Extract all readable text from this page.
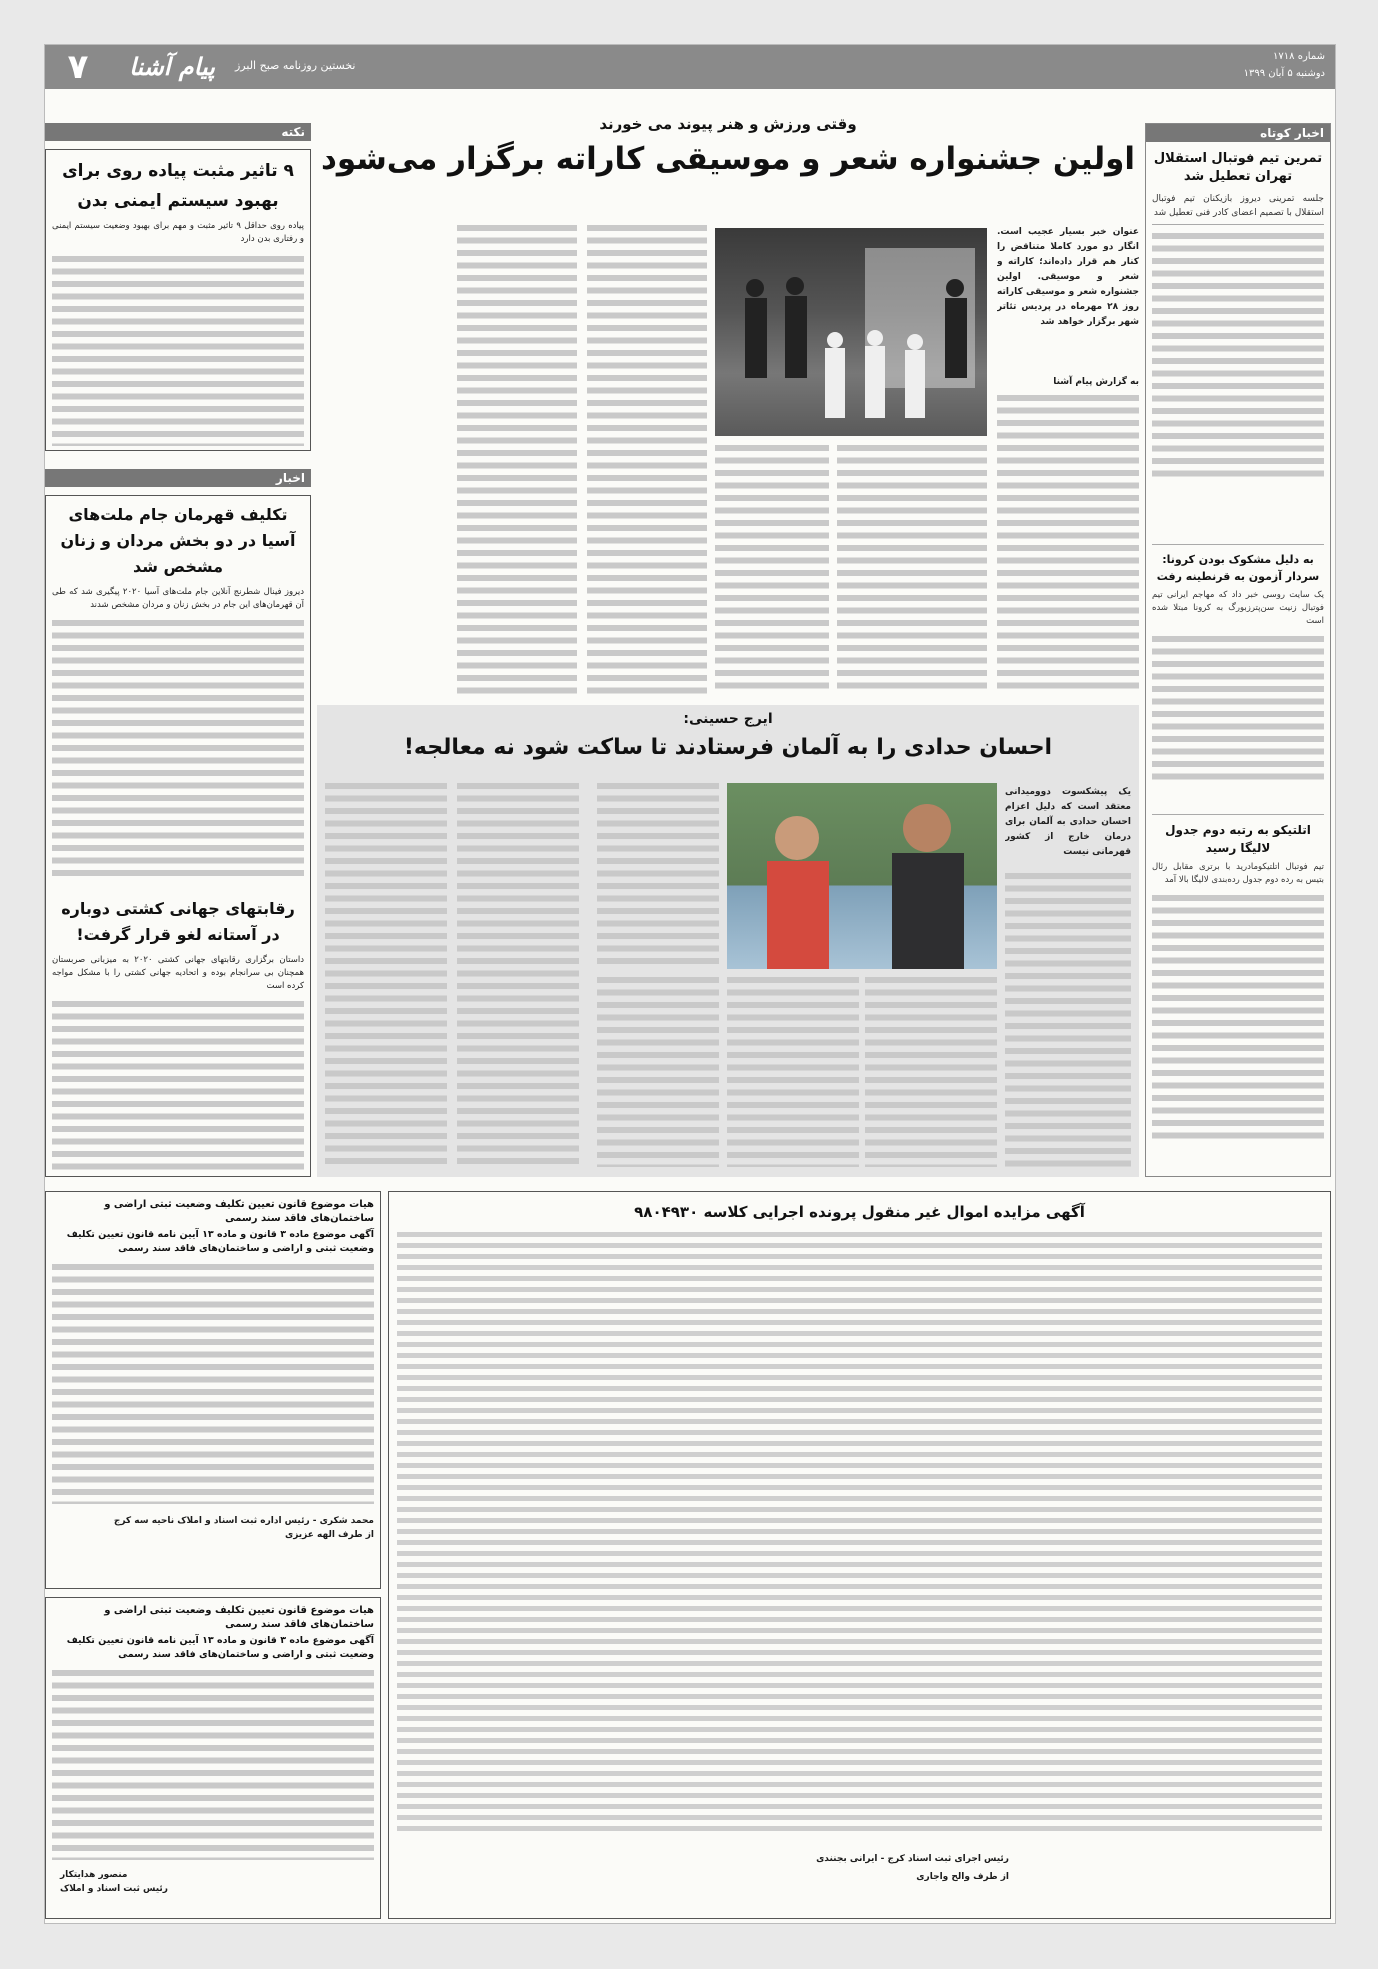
۷	پیام آشنا	نخستین روزنامه صبح البرز
شماره ۱۷۱۸
دوشنبه ۵ آبان ۱۳۹۹
اخبار کوتاه
تمرین تیم فوتبال استقلال تهران تعطیل شد
جلسه تمرینی دیروز بازیکنان تیم فوتبال استقلال با تصمیم اعضای کادر فنی تعطیل شد
به دلیل مشکوک بودن کرونا: سردار آزمون به قرنطینه رفت
یک سایت روسی خبر داد که مهاجم ایرانی تیم فوتبال زنیت سن‌پترزبورگ به کرونا مبتلا شده است
اتلتیکو به رتبه دوم جدول لالیگا رسید
تیم فوتبال اتلتیکومادرید با برتری مقابل رئال بتیس به رده دوم جدول رده‌بندی لالیگا بالا آمد
وقتی ورزش و هنر پیوند می خورند
اولین جشنواره شعر و موسیقی کاراته برگزار می‌شود
عنوان خبر بسیار عجیب است. انگار دو مورد کاملا متناقض را کنار هم قرار داده‌اند؛ کاراته و شعر و موسیقی. اولین جشنواره شعر و موسیقی کاراته روز ۲۸ مهرماه در پردیس تئاتر شهر برگزار خواهد شد
به گزارش پیام آشنا
ایرج حسینی:
احسان حدادی را به آلمان فرستادند تا ساکت شود نه معالجه!
یک پیشکسوت دوومیدانی معتقد است که دلیل اعزام احسان حدادی به آلمان برای درمان خارج از کشور قهرمانی نیست
نکته
۹ تاثیر مثبت پیاده روی برای بهبود سیستم ایمنی بدن
پیاده روی حداقل ۹ تاثیر مثبت و مهم برای بهبود وضعیت سیستم ایمنی و رفتاری بدن دارد
اخبار
تکلیف قهرمان جام ملت‌های آسیا در دو بخش مردان و زنان مشخص شد
دیروز فینال شطرنج آنلاین جام ملت‌های آسیا ۲۰۲۰ پیگیری شد که طی آن قهرمان‌های این جام در بخش زنان و مردان مشخص شدند
رقابتهای جهانی کشتی دوباره در آستانه لغو قرار گرفت!
داستان برگزاری رقابتهای جهانی کشتی ۲۰۲۰ به میزبانی صربستان همچنان بی سرانجام بوده و اتحادیه جهانی کشتی را با مشکل مواجه کرده است
آگهی مزایده اموال غیر منقول پرونده اجرایی کلاسه ۹۸۰۴۹۳۰
رئیس اجرای ثبت اسناد کرج - ایرانی بجنندی
از طرف والح واجاری
هیات موضوع قانون تعیین تکلیف وضعیت ثبتی اراضی و ساختمان‌های فاقد سند رسمی
آگهی موضوع ماده ۳ قانون و ماده ۱۳ آیین نامه قانون تعیین تکلیف وضعیت ثبتی و اراضی و ساختمان‌های فاقد سند رسمی
محمد شکری - رئیس اداره ثبت اسناد و املاک ناحیه سه کرج
از طرف الهه عزیزی
هیات موضوع قانون تعیین تکلیف وضعیت ثبتی اراضی و ساختمان‌های فاقد سند رسمی
آگهی موضوع ماده ۳ قانون و ماده ۱۳ آیین نامه قانون تعیین تکلیف وضعیت ثبتی و اراضی و ساختمان‌های فاقد سند رسمی
منصور هدایتکار
رئیس ثبت اسناد و املاک
